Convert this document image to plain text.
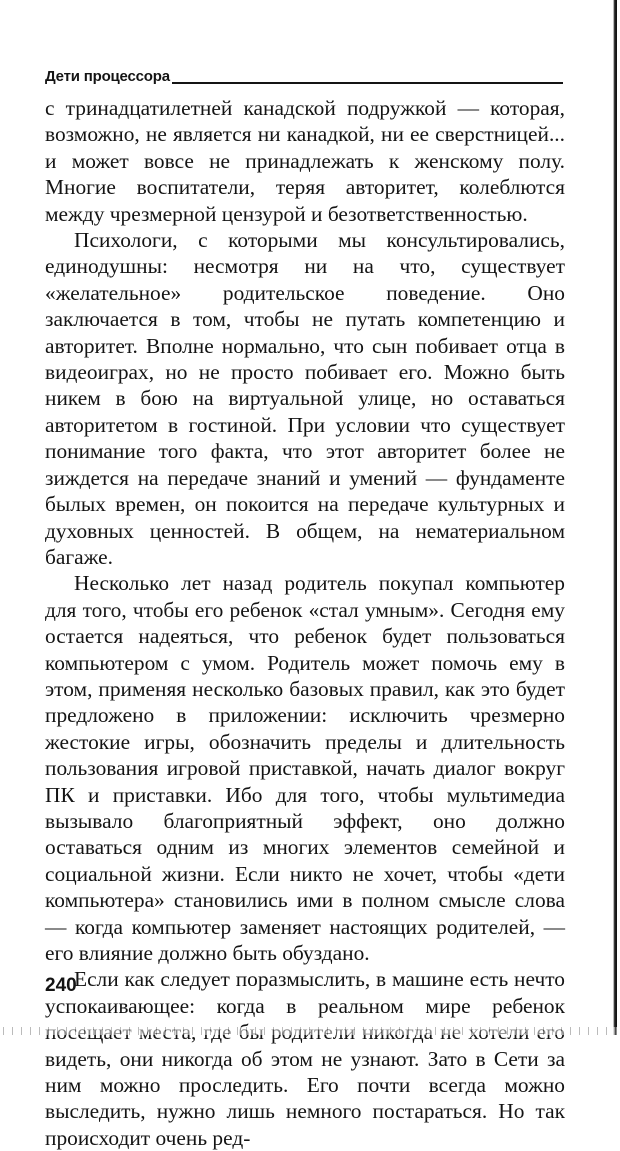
Дети процессора

с тринадцатилетней канадской подружкой — которая, возможно, не является ни канадкой, ни ее сверстницей... и может вовсе не принадлежать к женскому полу. Многие воспитатели, теряя авторитет, колеблются между чрезмерной цензурой и безответственностью.

Психологи, с которыми мы консультировались, единодушны: несмотря ни на что, существует «желательное» родительское поведение. Оно заключается в том, чтобы не путать компетенцию и авторитет. Вполне нормально, что сын побивает отца в видеоиграх, но не просто побивает его. Можно быть никем в бою на виртуальной улице, но оставаться авторитетом в гостиной. При условии что существует понимание того факта, что этот авторитет более не зиждется на передаче знаний и умений — фундаменте былых времен, он покоится на передаче культурных и духовных ценностей. В общем, на нематериальном багаже.

Несколько лет назад родитель покупал компьютер для того, чтобы его ребенок «стал умным». Сегодня ему остается надеяться, что ребенок будет пользоваться компьютером с умом. Родитель может помочь ему в этом, применяя несколько базовых правил, как это будет предложено в приложении: исключить чрезмерно жестокие игры, обозначить пределы и длительность пользования игровой приставкой, начать диалог вокруг ПК и приставки. Ибо для того, чтобы мультимедиа вызывало благоприятный эффект, оно должно оставаться одним из многих элементов семейной и социальной жизни. Если никто не хочет, чтобы «дети компьютера» становились ими в полном смысле слова — когда компьютер заменяет настоящих родителей, — его влияние должно быть обуздано.

Если как следует поразмыслить, в машине есть нечто успокаивающее: когда в реальном мире ребенок видеть, они никогда об этом не узнают. Зато в Сети за ним можно проследить. Его почти всегда можно выследить, нужно лишь немного постараться. Но так происходит очень ред-

240
